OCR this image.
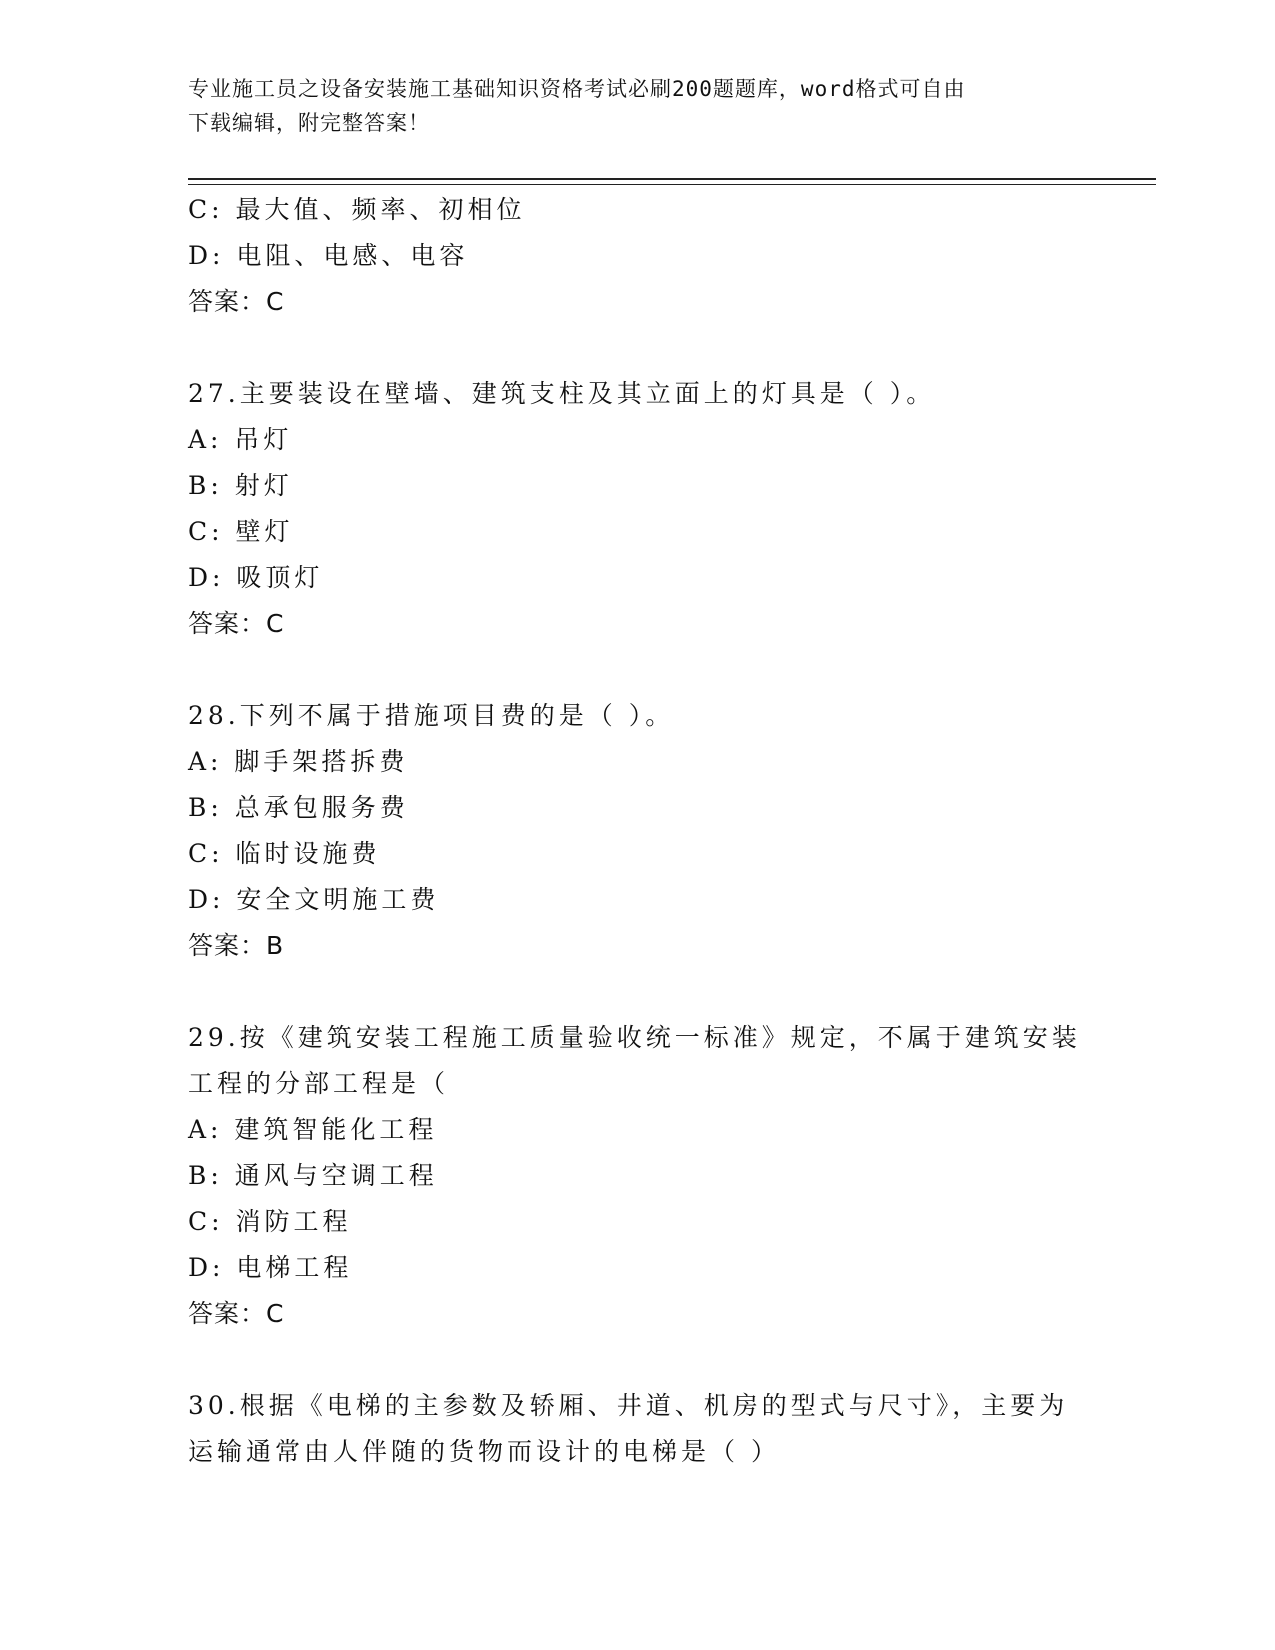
专业施工员之设备安装施工基础知识资格考试必刷200题题库，word格式可自由
下载编辑，附完整答案！
C: 最大值、频率、初相位
D: 电阻、电感、电容
答案：C
27.主要装设在壁墙、建筑支柱及其立面上的灯具是（ ）。
A: 吊灯
B: 射灯
C: 壁灯
D: 吸顶灯
答案：C
28.下列不属于措施项目费的是（ ）。
A: 脚手架搭拆费
B: 总承包服务费
C: 临时设施费
D: 安全文明施工费
答案：B
29.按《建筑安装工程施工质量验收统一标准》规定，不属于建筑安装
工程的分部工程是（
A: 建筑智能化工程
B: 通风与空调工程
C: 消防工程
D: 电梯工程
答案：C
30.根据《电梯的主参数及轿厢、井道、机房的型式与尺寸》，主要为
运输通常由人伴随的货物而设计的电梯是（ ）
